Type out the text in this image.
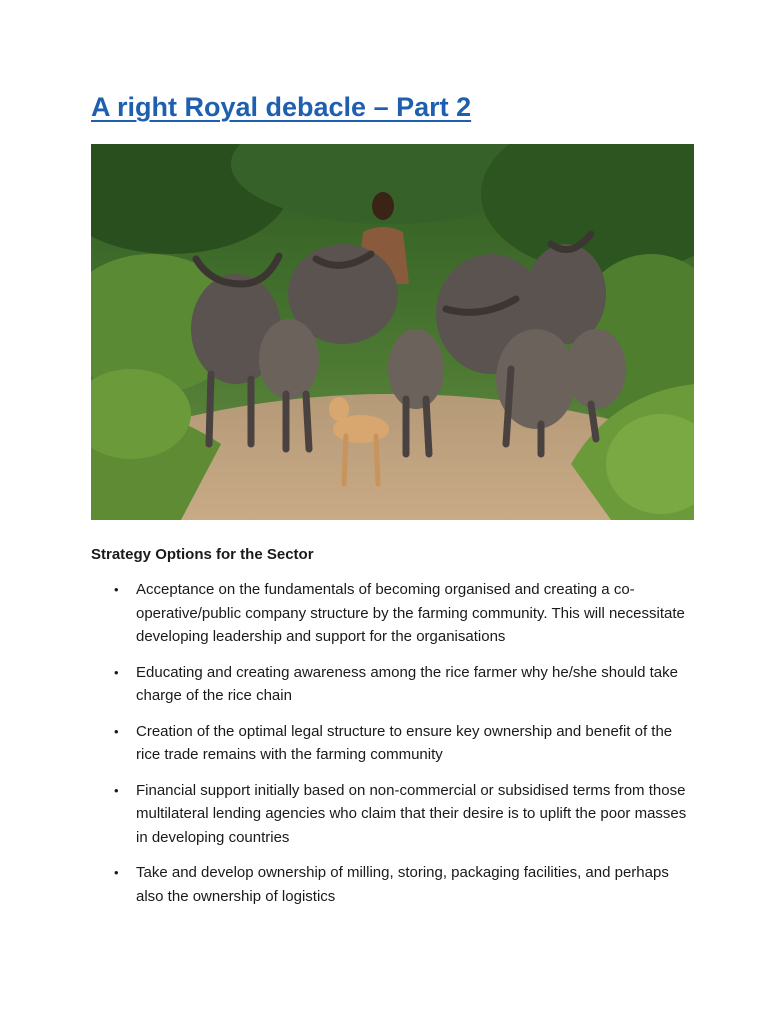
A right Royal debacle – Part 2
Strategy Options for the Sector
• Acceptance on the fundamentals of becoming organised and creating a co-operative/public company structure by the farming community. This will necessitate developing leadership and support for the organisations
• Educating and creating awareness among the rice farmer why he/she should take charge of the rice chain
• Creation of the optimal legal structure to ensure key ownership and benefit of the rice trade remains with the farming community
• Financial support initially based on non-commercial or subsidised terms from those multilateral lending agencies who claim that their desire is to uplift the poor masses in developing countries
• Take and develop ownership of milling, storing, packaging facilities, and perhaps also the ownership of logistics
